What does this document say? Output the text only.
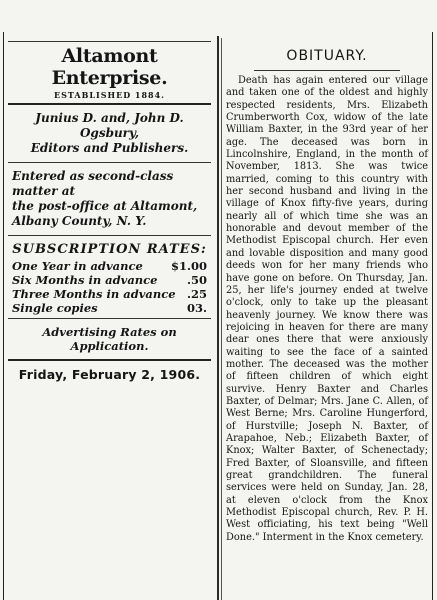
Altamont Enterprise.
ESTABLISHED 1884.
Junius D. and, John D. Ogsbury,
Editors and Publishers.
Entered as second-class matter at
the post-office at Altamont,
Albany County, N. Y.
SUBSCRIPTION RATES:
One Year in advance $1.00
Six Months in advance	.50
Three Months in advance .25
Single copies	03.
Advertising Rates on Application.
Friday, February 2, 1906.
OBITUARY.

Death has again entered our village and taken one of the oldest and highly respected residents, Mrs. Elizabeth Crumberworth Cox, widow of the late William Baxter, in the 93rd year of her age. The deceased was born in Lincolnshire, England, in the month of November, 1813. She was twice married, coming to this country with her second husband and living in the village of Knox fifty-five years, during nearly all of which time she was an honorable and devout member of the Methodist Episcopal church. Her even and lovable disposition and many good deeds won for her many friends who have gone on before. On Thursday, Jan. 25, her life's journey ended at twelve o'clock, only to take up the pleasant heavenly journey. We know there was rejoicing in heaven for there are many dear ones there that were anxiously waiting to see the face of a sainted mother. The deceased was the mother of fifteen children of which eight survive. Henry Baxter and Charles Baxter, of Delmar; Mrs. Jane C. Allen, of West Berne; Mrs. Caroline Hungerford, of Hurstville; Joseph N. Baxter, of Arapahoe, Neb.; Elizabeth Baxter, of Knox; Walter Baxter, of Schenectady; Fred Baxter, of Sloansville, and fifteen great grandchildren. The funeral services were held on Sunday, Jan. 28, at eleven o'clock from the Knox Methodist Episcopal church, Rev. P. H. West officiating, his text being "Well Done." Interment in the Knox cemetery.
